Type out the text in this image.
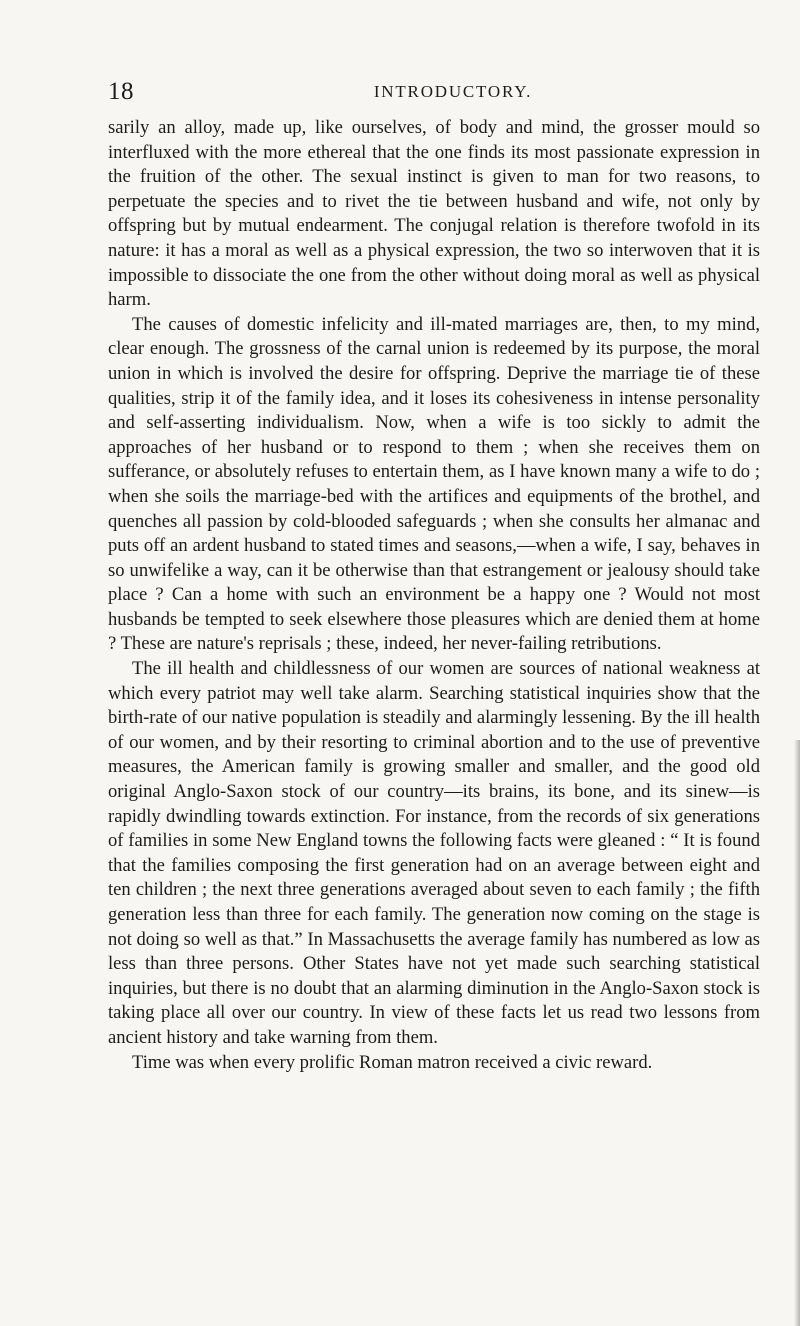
18	INTRODUCTORY.

sarily an alloy, made up, like ourselves, of body and mind, the grosser mould so interfluxed with the more ethereal that the one finds its most passionate expression in the fruition of the other. The sexual instinct is given to man for two reasons, to perpetuate the species and to rivet the tie between husband and wife, not only by offspring but by mutual endearment. The conjugal relation is therefore twofold in its nature: it has a moral as well as a physical expression, the two so interwoven that it is impossible to dissociate the one from the other without doing moral as well as physical harm.

The causes of domestic infelicity and ill-mated marriages are, then, to my mind, clear enough. The grossness of the carnal union is redeemed by its purpose, the moral union in which is involved the desire for offspring. Deprive the marriage tie of these qualities, strip it of the family idea, and it loses its cohesiveness in intense personality and self-asserting individualism. Now, when a wife is too sickly to admit the approaches of her husband or to respond to them ; when she receives them on sufferance, or absolutely refuses to entertain them, as I have known many a wife to do ; when she soils the marriage-bed with the artifices and equipments of the brothel, and quenches all passion by cold-blooded safeguards ; when she consults her almanac and puts off an ardent husband to stated times and seasons,—when a wife, I say, behaves in so unwifelike a way, can it be otherwise than that estrangement or jealousy should take place ? Can a home with such an environment be a happy one ? Would not most husbands be tempted to seek elsewhere those pleasures which are denied them at home ? These are nature's reprisals ; these, indeed, her never-failing retributions.

The ill health and childlessness of our women are sources of national weakness at which every patriot may well take alarm. Searching statistical inquiries show that the birth-rate of our native population is steadily and alarmingly lessening. By the ill health of our women, and by their resorting to criminal abortion and to the use of preventive measures, the American family is growing smaller and smaller, and the good old original Anglo-Saxon stock of our country—its brains, its bone, and its sinew—is rapidly dwindling towards extinction. For instance, from the records of six generations of families in some New England towns the following facts were gleaned : “ It is found that the families composing the first generation had on an average between eight and ten children ; the next three generations averaged about seven to each family ; the fifth generation less than three for each family. The generation now coming on the stage is not doing so well as that.” In Massachusetts the average family has numbered as low as less than three persons. Other States have not yet made such searching statistical inquiries, but there is no doubt that an alarming diminution in the Anglo-Saxon stock is taking place all over our country. In view of these facts let us read two lessons from ancient history and take warning from them.

Time was when every prolific Roman matron received a civic reward.
